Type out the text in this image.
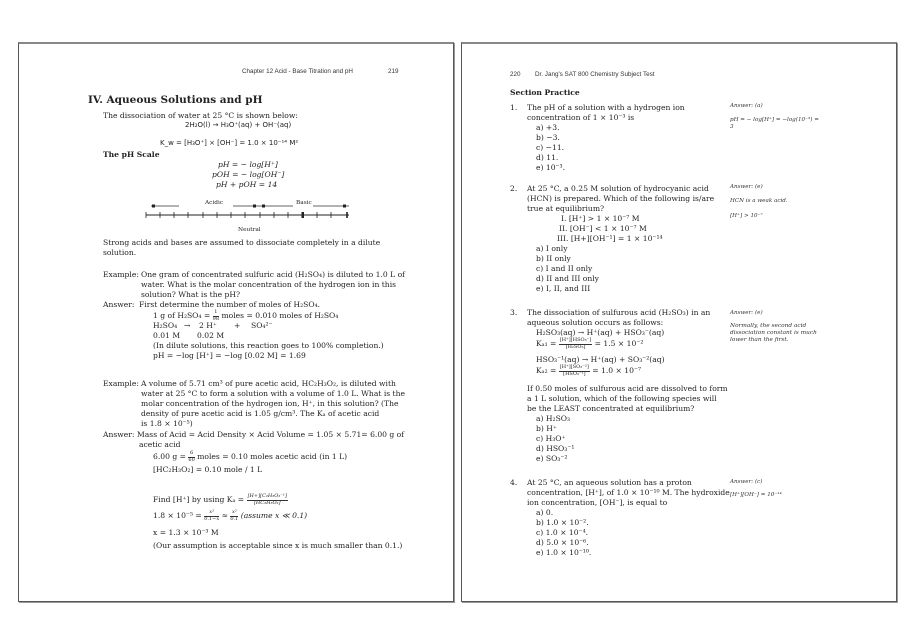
Chapter 12 Acid - Base Titration and pH	219
IV. Aqueous Solutions and pH
The dissociation of water at 25 °C is shown below:
2H₂O(l) → H₃O⁺(aq) + OH⁻(aq)
K_w = [H₃O⁺] × [OH⁻] = 1.0 × 10⁻¹⁴ M²
The pH Scale
pH = − log[H⁺]
pOH = − log[OH⁻]
pH + pOH = 14
Acidic	Basic
Neutral
Strong acids and bases are assumed to dissociate completely in a dilute
solution.
Example: One gram of concentrated sulfuric acid (H₂SO₄) is diluted to 1.0 L of
water. What is the molar concentration of the hydrogen ion in this
solution? What is the pH?
Answer: First determine the number of moles of H₂SO₄.
1 g of $H_2SO_4 = \frac{1}{98}$ moles = 0.010 moles of H₂SO₄
H₂SO₄ → 2 H⁺ + SO₄²⁻
0.01 M 0.02 M
(In dilute solutions, this reaction goes to 100% completion.)
pH = −log [H⁺] = −log [0.02 M] = 1.69
Example: A volume of 5.71 cm³ of pure acetic acid, HC₂H₃O₂, is diluted with
water at 25 °C to form a solution with a volume of 1.0 L. What is the
molar concentration of the hydrogen ion, H⁺, in this solution? (The
density of pure acetic acid is 1.05 g/cm³. The Kₐ of acetic acid
is 1.8 × 10⁻⁵)
Answer: Mass of Acid = Acid Density × Acid Volume = 1.05 × 5.71= 6.00 g of
acetic acid
6.00 $g = \frac{6}{60}$ moles = 0.10 moles acetic acid (in 1 L)
[HC₂H₃O₂] = 0.10 mole / 1 L
Find [H⁺] by using $K_a = \frac{\text{[H+][C₂H₃O₂⁻¹]}}{\text{[HC₂H₃O₂]}}$
$1.8 \times 10^{-5} = \frac{\text{x²}}{0.1-x} \approx \frac{\text{x²}}{0.1}$ (assume x ≪ 0.1)
x = 1.3 × 10⁻³ M
(Our assumption is acceptable since x is much smaller than 0.1.)
220 Dr. Jang's SAT 800 Chemistry Subject Test
Section Practice
1. The pH of a solution with a hydrogen ion
concentration of 1 × 10⁻³ is
a) +3.
b) −3.
c) −11.
d) 11.
e) 10⁻³.
Answer: (a)
pH = − log[H⁺] = −log(10⁻³) = 3
2. At 25 °C, a 0.25 M solution of hydrocyanic acid
(HCN) is prepared. Which of the following is/are
true at equilibrium?
I. [H⁺] > 1 × 10⁻⁷ M
II. [OH⁻] < 1 × 10⁻⁷ M
III. [H+][OH⁻¹] = 1 × 10⁻¹⁴
a) I only
b) II only
c) I and II only
d) II and III only
e) I, II, and III
Answer: (e)
HCN is a weak acid.
[H⁺] > 10⁻⁷
3. The dissociation of sulfurous acid (H₂SO₃) in an
aqueous solution occurs as follows:
H₂SO₃(aq) → H⁺(aq) + HSO₃⁻(aq)
$K_{a1} = \frac{\text{[H⁺][HSO₃⁻]}}{\text{[H₂SO₃]}} = 1.5 \times 10^{-2}$
HSO₃⁻¹(aq) → H⁺(aq) + SO₃⁻²(aq)
$K_{a2} = \frac{\text{[H⁺][SO₃⁻²]}}{\text{[HSO₃⁻¹]}} = 1.0 \times 10^{-7}$
If 0.50 moles of sulfurous acid are dissolved to form
a 1 L solution, which of the following species will
be the LEAST concentrated at equilibrium?
a) H₂SO₃
b) H⁺
c) H₃O⁺
d) HSO₃⁻¹
e) SO₃⁻²
Answer: (e)
Normally, the second acid dissociation constant is much lower than the first.
4. At 25 °C, an aqueous solution has a proton
concentration, [H⁺], of 1.0 × 10⁻¹⁰ M. The hydroxide
ion concentration, [OH⁻], is equal to
a) 0.
b) 1.0 × 10⁻².
c) 1.0 × 10⁻⁴.
d) 5.0 × 10⁻⁶.
e) 1.0 × 10⁻¹⁰.
Answer: (c)
[H⁺][OH⁻] = 10⁻¹⁴
